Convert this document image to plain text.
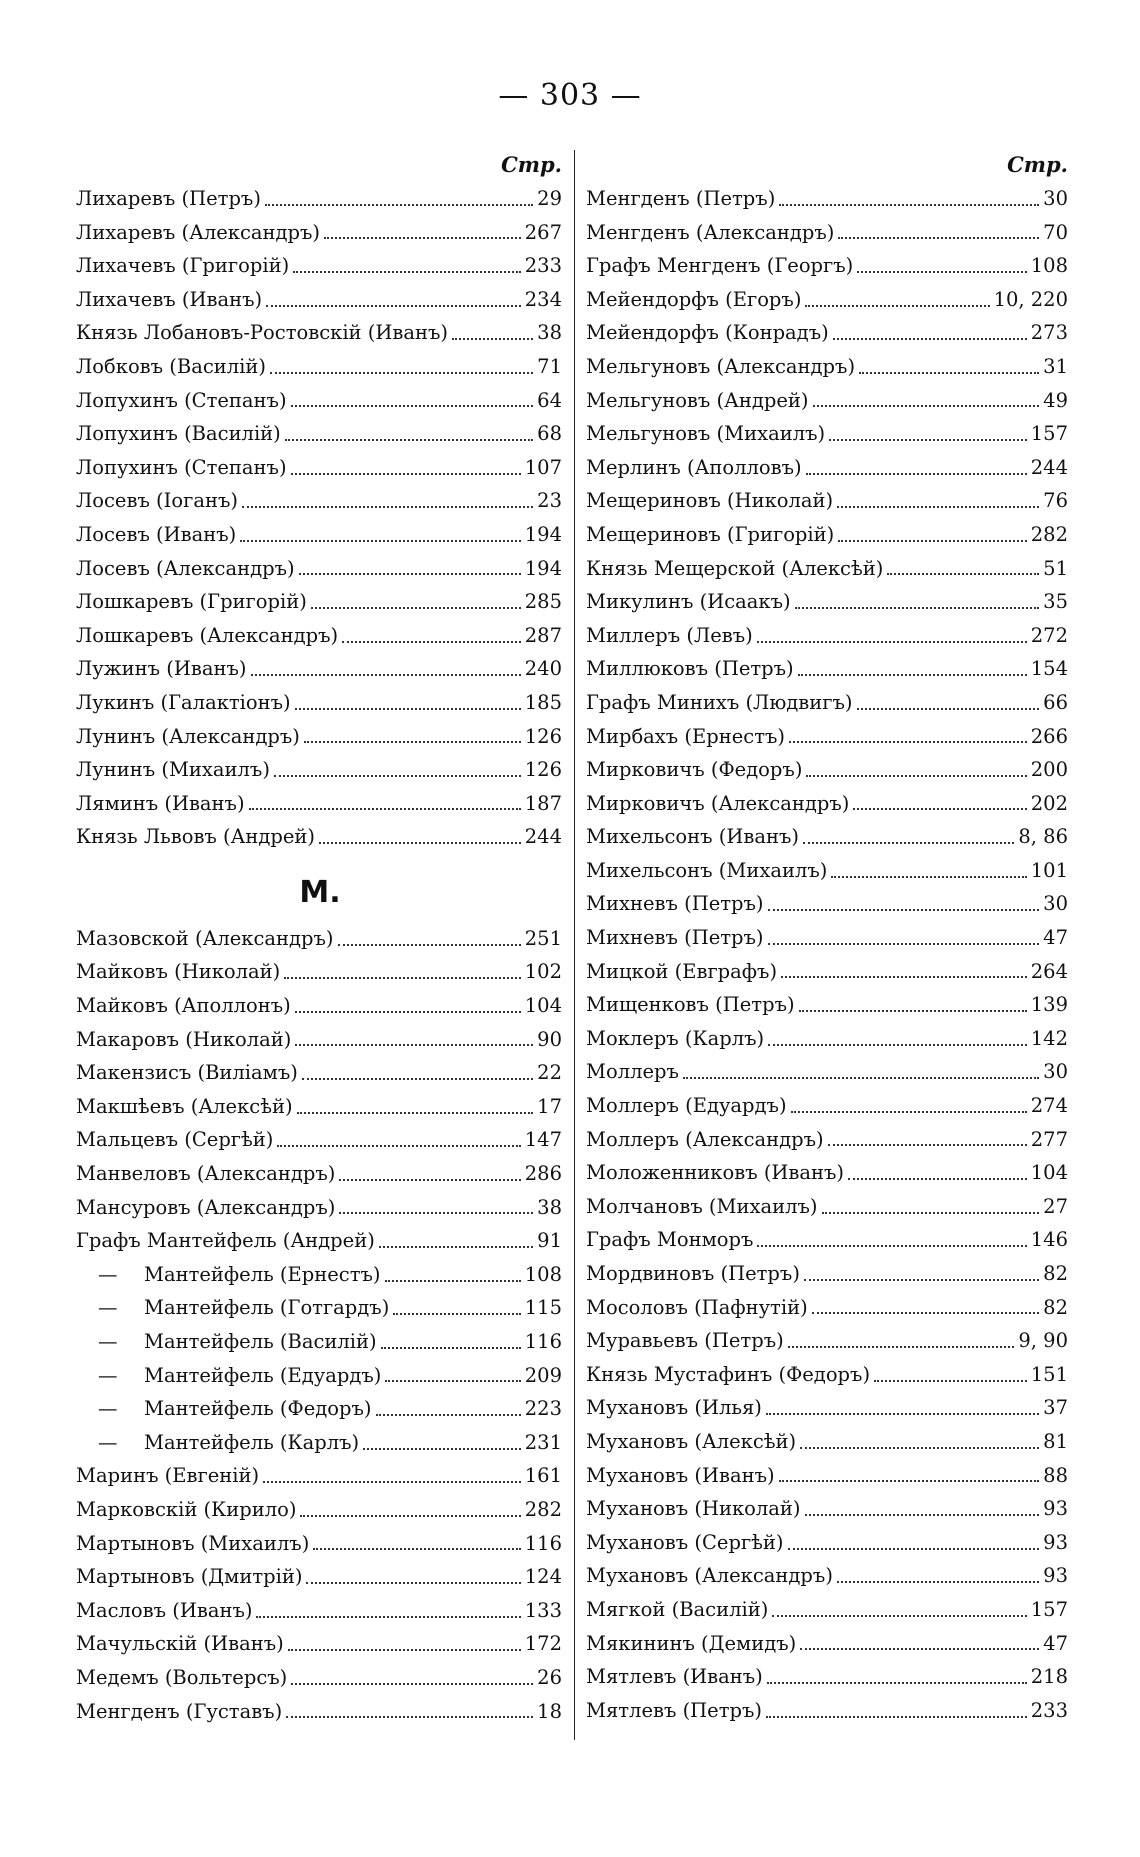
— 303 —
Стр.
Лихаревъ (Петръ)	29
Лихаревъ (Александръ)	267
Лихачевъ (Григорій)	233
Лихачевъ (Иванъ)	234
Князь Лобановъ-Ростовскій (Иванъ)	38
Лобковъ (Василій)	71
Лопухинъ (Степанъ)	64
Лопухинъ (Василій)	68
Лопухинъ (Степанъ)	107
Лосевъ (Іоганъ)	23
Лосевъ (Иванъ)	194
Лосевъ (Александръ)	194
Лошкаревъ (Григорій)	285
Лошкаревъ (Александръ)	287
Лужинъ (Иванъ)	240
Лукинъ (Галактіонъ)	185
Лунинъ (Александръ)	126
Лунинъ (Михаилъ)	126
Ляминъ (Иванъ)	187
Князь Львовъ (Андрей)	244
М.
Мазовской (Александръ)	251
Майковъ (Николай)	102
Майковъ (Аполлонъ)	104
Макаровъ (Николай)	90
Макензисъ (Виліамъ)	22
Макшѣевъ (Алексѣй)	17
Мальцевъ (Сергѣй)	147
Манвеловъ (Александръ)	286
Мансуровъ (Александръ)	38
Графъ Мантейфель (Андрей)	91
—	Мантейфель (Ернестъ)	108
—	Мантейфель (Готгардъ)	115
—	Мантейфель (Василій)	116
—	Мантейфель (Едуардъ)	209
—	Мантейфель (Федоръ)	223
—	Мантейфель (Карлъ)	231
Маринъ (Евгеній)	161
Марковскій (Кирило)	282
Мартыновъ (Михаилъ)	116
Мартыновъ (Дмитрій)	124
Масловъ (Иванъ)	133
Мачульскій (Иванъ)	172
Медемъ (Вольтерсъ)	26
Менгденъ (Густавъ)	18
Стр.
Менгденъ (Петръ)	30
Менгденъ (Александръ)	70
Графъ Менгденъ (Георгъ)	108
Мейендорфъ (Егоръ)	10, 220
Мейендорфъ (Конрадъ)	273
Мельгуновъ (Александръ)	31
Мельгуновъ (Андрей)	49
Мельгуновъ (Михаилъ)	157
Мерлинъ (Аполловъ)	244
Мещериновъ (Николай)	76
Мещериновъ (Григорій)	282
Князь Мещерской (Алексѣй)	51
Микулинъ (Исаакъ)	35
Миллеръ (Левъ)	272
Миллюковъ (Петръ)	154
Графъ Минихъ (Людвигъ)	66
Мирбахъ (Ернестъ)	266
Мирковичъ (Федоръ)	200
Мирковичъ (Александръ)	202
Михельсонъ (Иванъ)	8, 86
Михельсонъ (Михаилъ)	101
Михневъ (Петръ)	30
Михневъ (Петръ)	47
Мицкой (Евграфъ)	264
Мищенковъ (Петръ)	139
Моклеръ (Карлъ)	142
Моллеръ	30
Моллеръ (Едуардъ)	274
Моллеръ (Александръ)	277
Моложенниковъ (Иванъ)	104
Молчановъ (Михаилъ)	27
Графъ Монморъ	146
Мордвиновъ (Петръ)	82
Мосоловъ (Пафнутій)	82
Муравьевъ (Петръ)	9, 90
Князь Мустафинъ (Федоръ)	151
Мухановъ (Илья)	37
Мухановъ (Алексѣй)	81
Мухановъ (Иванъ)	88
Мухановъ (Николай)	93
Мухановъ (Сергѣй)	93
Мухановъ (Александръ)	93
Мягкой (Василій)	157
Мякининъ (Демидъ)	47
Мятлевъ (Иванъ)	218
Мятлевъ (Петръ)	233
